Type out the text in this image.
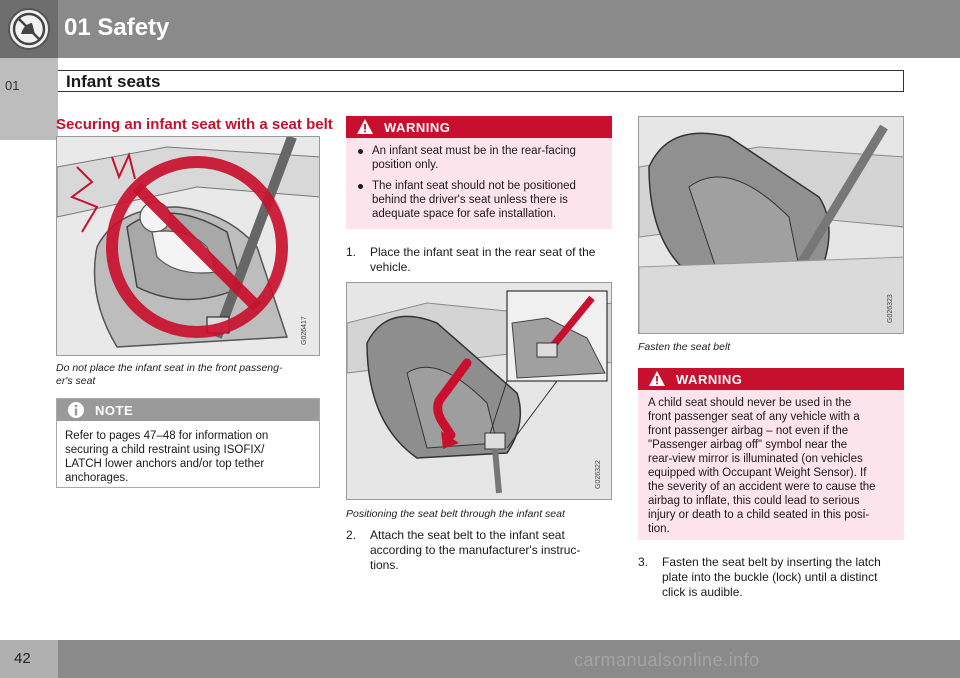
01 Safety
01	Infant seats
Securing an infant seat with a seat belt
G026417
Do not place the infant seat in the front passeng-
er's seat
NOTE
Refer to pages 47–48 for information on
securing a child restraint using ISOFIX/
LATCH lower anchors and/or top tether
anchorages.
WARNING
An infant seat must be in the rear-facing
position only.
The infant seat should not be positioned
behind the driver's seat unless there is
adequate space for safe installation.
1. Place the infant seat in the rear seat of the
vehicle.
G026322
Positioning the seat belt through the infant seat
2. Attach the seat belt to the infant seat
according to the manufacturer's instruc-
tions.
G026323
Fasten the seat belt
WARNING
A child seat should never be used in the
front passenger seat of any vehicle with a
front passenger airbag – not even if the
"Passenger airbag off" symbol near the
rear-view mirror is illuminated (on vehicles
equipped with Occupant Weight Sensor). If
the severity of an accident were to cause the
airbag to inflate, this could lead to serious
injury or death to a child seated in this posi-
tion.
3. Fasten the seat belt by inserting the latch
plate into the buckle (lock) until a distinct
click is audible.
42	carmanualsonline.info
